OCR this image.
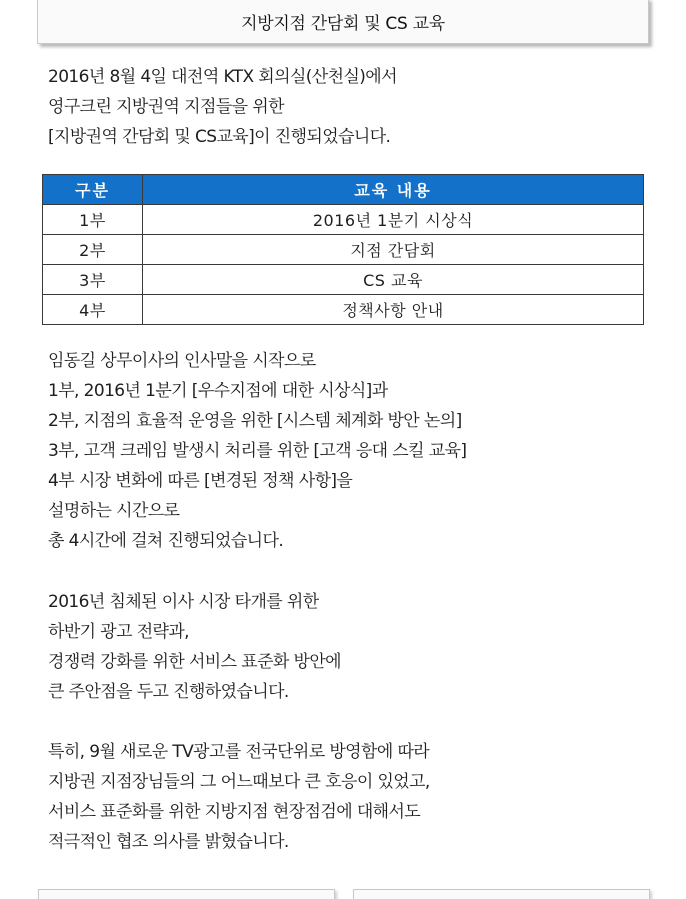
지방지점 간담회 및 CS 교육
2016년 8월 4일 대전역 KTX 회의실(산천실)에서
영구크린 지방권역 지점들을 위한
[지방권역 간담회 및 CS교육]이 진행되었습니다.
구분	교육 내용
1부	2016년 1분기 시상식
2부	지점 간담회
3부	CS 교육
4부	정책사항 안내
임동길 상무이사의 인사말을 시작으로
1부, 2016년 1분기 [우수지점에 대한 시상식]과
2부, 지점의 효율적 운영을 위한 [시스템 체계화 방안 논의]
3부, 고객 크레임 발생시 처리를 위한 [고객 응대 스킬 교육]
4부 시장 변화에 따른 [변경된 정책 사항]을
설명하는 시간으로
총 4시간에 걸쳐 진행되었습니다.
2016년 침체된 이사 시장 타개를 위한
하반기 광고 전략과,
경쟁력 강화를 위한 서비스 표준화 방안에
큰 주안점을 두고 진행하였습니다.
특히, 9월 새로운 TV광고를 전국단위로 방영함에 따라
지방권 지점장님들의 그 어느때보다 큰 호응이 있었고,
서비스 표준화를 위한 지방지점 현장점검에 대해서도
적극적인 협조 의사를 밝혔습니다.
